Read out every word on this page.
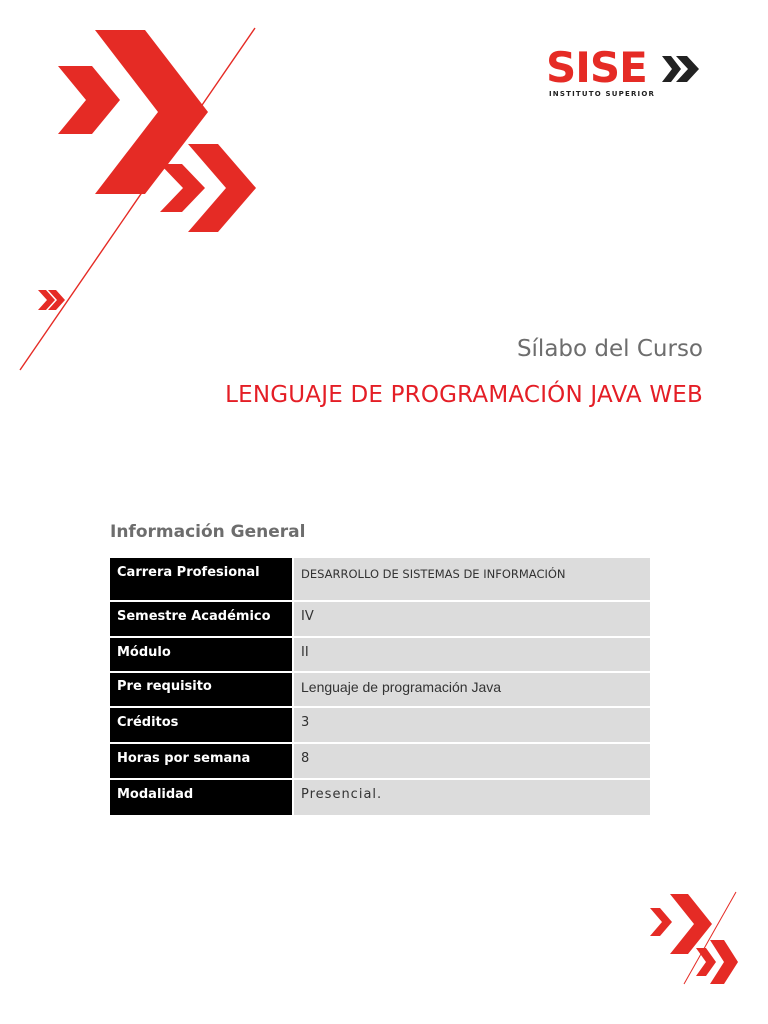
SISE
INSTITUTO SUPERIOR
Sílabo del Curso
LENGUAJE DE PROGRAMACIÓN JAVA WEB
Información General
Carrera Profesional	DESARROLLO DE SISTEMAS DE INFORMACIÓN
Semestre Académico	IV
Módulo	II
Pre requisito	Lenguaje de programación Java
Créditos	3
Horas por semana	8
Modalidad	Presencial.
